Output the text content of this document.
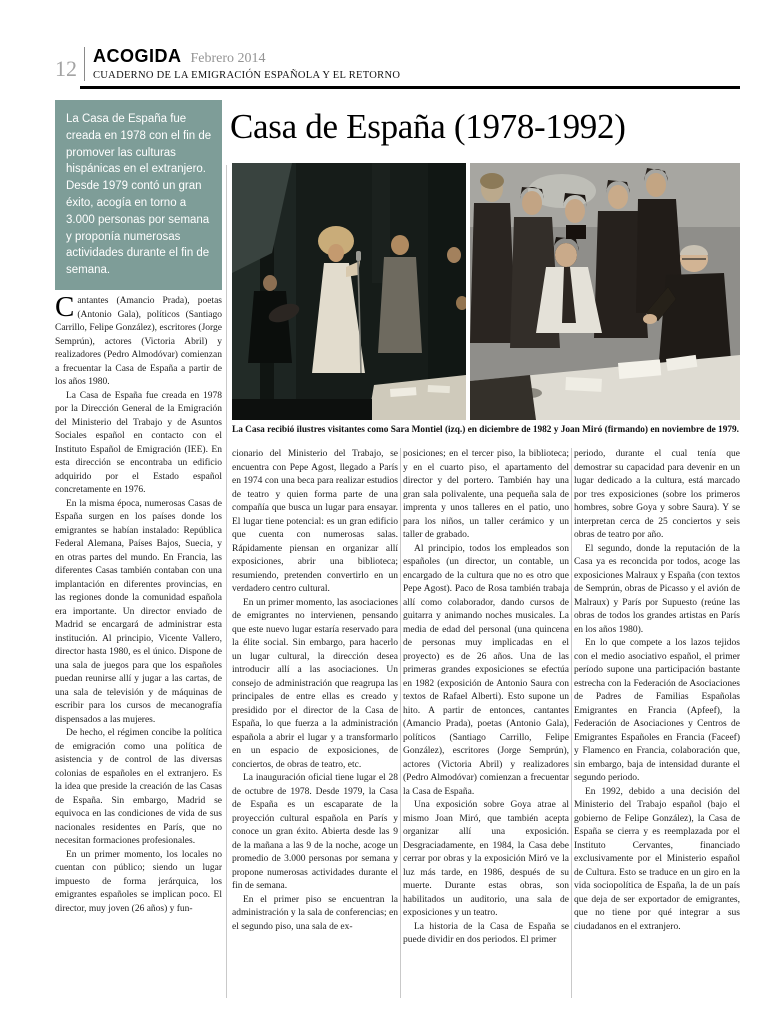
12 ACOGIDA Febrero 2014
CUADERNO DE LA EMIGRACIÓN ESPAÑOLA Y EL RETORNO
La Casa de España fue creada en 1978 con el fin de promover las culturas hispánicas en el extranjero. Desde 1979 contó un gran éxito, acogía en torno a 3.000 personas por semana y proponía numerosas actividades durante el fin de semana.
Casa de España (1978-1992)
La Casa recibió ilustres visitantes como Sara Montiel (izq.) en diciembre de 1982 y Joan Miró (firmando) en noviembre de 1979.

Cantantes (Amancio Prada), poetas (Antonio Gala), políticos (Santiago Carrillo, Felipe González), escritores (Jorge Semprún), actores (Victoria Abril) y realizadores (Pedro Almodóvar) comienzan a frecuentar la Casa de España a partir de los años 1980.

La Casa de España fue creada en 1978 por la Dirección General de la Emigración del Ministerio del Trabajo y de Asuntos Sociales español en contacto con el Instituto Español de Emigración (IEE). En esta dirección se encontraba un edificio adquirido por el Estado español concretamente en 1976.

En la misma época, numerosas Casas de España surgen en los países donde los emigrantes se habían instalado: República Federal Alemana, Países Bajos, Suecia, y en otras partes del mundo. En Francia, las diferentes Casas también contaban con una implantación en diferentes provincias, en las regiones donde la comunidad española era importante. Un director enviado de Madrid se encargará de administrar esta institución. Al principio, Vicente Vallero, director hasta 1980, es el único. Dispone de una sala de juegos para que los españoles puedan reunirse allí y jugar a las cartas, de una sala de televisión y de máquinas de escribir para los cursos de mecanografía dispensados a las mujeres.

De hecho, el régimen concibe la política de emigración como una política de asistencia y de control de las diversas colonias de españoles en el extranjero. Es la idea que preside la creación de las Casas de España. Sin embargo, Madrid se equivoca en las condiciones de vida de sus nacionales residentes en París, que no necesitan formaciones profesionales.

En un primer momento, los locales no cuentan con público; siendo un lugar impuesto de forma jerárquica, los emigrantes españoles se implican poco. El director, muy joven (26 años) y fun-

cionario del Ministerio del Trabajo, se encuentra con Pepe Agost, llegado a París en 1974 con una beca para realizar estudios de teatro y quien forma parte de una compañía que busca un lugar para ensayar. El lugar tiene potencial: es un gran edificio que cuenta con numerosas salas. Rápidamente piensan en organizar allí exposiciones, abrir una biblioteca; resumiendo, pretenden convertirlo en un verdadero centro cultural.

En un primer momento, las asociaciones de emigrantes no intervienen, pensando que este nuevo lugar estaría reservado para la élite social. Sin embargo, para hacerlo un lugar cultural, la dirección desea introducir allí a las asociaciones. Un consejo de administración que reagrupa las principales de entre ellas es creado y presidido por el director de la Casa de España, lo que fuerza a la administración española a abrir el lugar y a transformarlo en un espacio de exposiciones, de conciertos, de obras de teatro, etc.

La inauguración oficial tiene lugar el 28 de octubre de 1978. Desde 1979, la Casa de España es un escaparate de la proyección cultural española en París y conoce un gran éxito. Abierta desde las 9 de la mañana a las 9 de la noche, acoge un promedio de 3.000 personas por semana y propone numerosas actividades durante el fin de semana.

En el primer piso se encuentran la administración y la sala de conferencias; en el segundo piso, una sala de ex-

posiciones; en el tercer piso, la biblioteca; y en el cuarto piso, el apartamento del director y del portero. También hay una gran sala polivalente, una pequeña sala de imprenta y unos talleres en el patio, uno para los niños, un taller cerámico y un taller de grabado.

Al principio, todos los empleados son españoles (un director, un contable, un encargado de la cultura que no es otro que Pepe Agost). Paco de Rosa también trabaja allí como colaborador, dando cursos de guitarra y animando noches musicales. La media de edad del personal (una quincena de personas muy implicadas en el proyecto) es de 26 años. Una de las primeras grandes exposiciones se efectúa en 1982 (exposición de Antonio Saura con textos de Rafael Alberti). Esto supone un hito. A partir de entonces, cantantes (Amancio Prada), poetas (Antonio Gala), políticos (Santiago Carrillo, Felipe González), escritores (Jorge Semprún), actores (Victoria Abril) y realizadores (Pedro Almodóvar) comienzan a frecuentar la Casa de España.

Una exposición sobre Goya atrae al mismo Joan Miró, que también acepta organizar allí una exposición. Desgraciadamente, en 1984, la Casa debe cerrar por obras y la exposición Miró ve la luz más tarde, en 1986, después de su muerte. Durante estas obras, son habilitados un auditorio, una sala de exposiciones y un teatro.

La historia de la Casa de España se puede dividir en dos periodos. El primer

periodo, durante el cual tenía que demostrar su capacidad para devenir en un lugar dedicado a la cultura, está marcado por tres exposiciones (sobre los primeros hombres, sobre Goya y sobre Saura). Y se interpretan cerca de 25 conciertos y seis obras de teatro por año.

El segundo, donde la reputación de la Casa ya es reconcida por todos, acoge las exposiciones Malraux y España (con textos de Semprún, obras de Picasso y el avión de Malraux) y París por Supuesto (reúne las obras de todos los grandes artistas en París en los años 1980).

En lo que compete a los lazos tejidos con el medio asociativo español, el primer período supone una participación bastante estrecha con la Federación de Asociaciones de Padres de Familias Españolas Emigrantes en Francia (Apfeef), la Federación de Asociaciones y Centros de Emigrantes Españoles en Francia (Faceef) y Flamenco en Francia, colaboración que, sin embargo, baja de intensidad durante el segundo periodo.

En 1992, debido a una decisión del Ministerio del Trabajo español (bajo el gobierno de Felipe González), la Casa de España se cierra y es reemplazada por el Instituto Cervantes, financiado exclusivamente por el Ministerio español de Cultura. Esto se traduce en un giro en la vida sociopolítica de España, la de un país que deja de ser exportador de emigrantes, que no tiene por qué integrar a sus ciudadanos en el extranjero.
